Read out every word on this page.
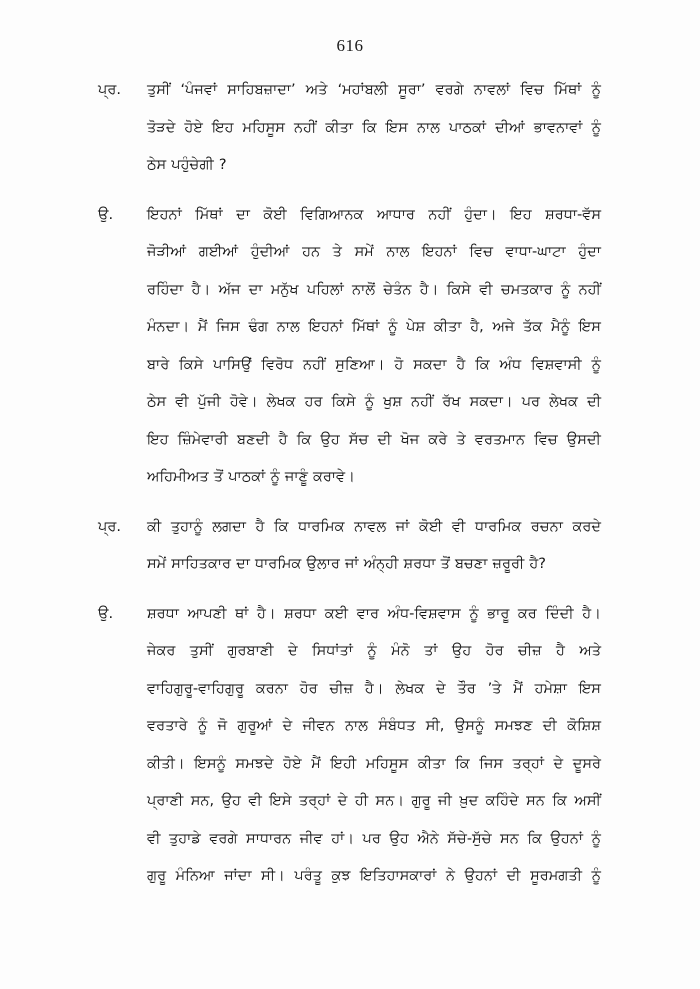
616
ਪ੍ਰ.	ਤੁਸੀਂ ‘ਪੰਜਵਾਂ ਸਾਹਿਬਜ਼ਾਦਾ’ ਅਤੇ ‘ਮਹਾਂਬਲੀ ਸੂਰਾ’ ਵਰਗੇ ਨਾਵਲਾਂ ਵਿਚ ਮਿੱਥਾਂ ਨੂੰ
ਤੋੜਦੇ ਹੋਏ ਇਹ ਮਹਿਸੂਸ ਨਹੀਂ ਕੀਤਾ ਕਿ ਇਸ ਨਾਲ ਪਾਠਕਾਂ ਦੀਆਂ ਭਾਵਨਾਵਾਂ ਨੂੰ
ਠੇਸ ਪਹੁੰਚੇਗੀ ?
ਉ.	ਇਹਨਾਂ ਮਿੱਥਾਂ ਦਾ ਕੋਈ ਵਿਗਿਆਨਕ ਆਧਾਰ ਨਹੀਂ ਹੁੰਦਾ। ਇਹ ਸ਼ਰਧਾ-ਵੱਸ
ਜੋੜੀਆਂ ਗਈਆਂ ਹੁੰਦੀਆਂ ਹਨ ਤੇ ਸਮੇਂ ਨਾਲ ਇਹਨਾਂ ਵਿਚ ਵਾਧਾ-ਘਾਟਾ ਹੁੰਦਾ
ਰਹਿੰਦਾ ਹੈ। ਅੱਜ ਦਾ ਮਨੁੱਖ ਪਹਿਲਾਂ ਨਾਲੋਂ ਚੇਤੰਨ ਹੈ। ਕਿਸੇ ਵੀ ਚਮਤਕਾਰ ਨੂੰ ਨਹੀਂ
ਮੰਨਦਾ। ਮੈਂ ਜਿਸ ਢੰਗ ਨਾਲ ਇਹਨਾਂ ਮਿੱਥਾਂ ਨੂੰ ਪੇਸ਼ ਕੀਤਾ ਹੈ, ਅਜੇ ਤੱਕ ਮੈਨੂੰ ਇਸ
ਬਾਰੇ ਕਿਸੇ ਪਾਸਿਉਂ ਵਿਰੋਧ ਨਹੀਂ ਸੁਣਿਆ। ਹੋ ਸਕਦਾ ਹੈ ਕਿ ਅੰਧ ਵਿਸ਼ਵਾਸੀ ਨੂੰ
ਠੇਸ ਵੀ ਪੁੱਜੀ ਹੋਵੇ। ਲੇਖਕ ਹਰ ਕਿਸੇ ਨੂੰ ਖੁਸ਼ ਨਹੀਂ ਰੱਖ ਸਕਦਾ। ਪਰ ਲੇਖਕ ਦੀ
ਇਹ ਜ਼ਿੰਮੇਵਾਰੀ ਬਣਦੀ ਹੈ ਕਿ ਉਹ ਸੱਚ ਦੀ ਖੋਜ ਕਰੇ ਤੇ ਵਰਤਮਾਨ ਵਿਚ ਉਸਦੀ
ਅਹਿਮੀਅਤ ਤੋਂ ਪਾਠਕਾਂ ਨੂੰ ਜਾਣੂੰ ਕਰਾਵੇ।
ਪ੍ਰ.	ਕੀ ਤੁਹਾਨੂੰ ਲਗਦਾ ਹੈ ਕਿ ਧਾਰਮਿਕ ਨਾਵਲ ਜਾਂ ਕੋਈ ਵੀ ਧਾਰਮਿਕ ਰਚਨਾ ਕਰਦੇ
ਸਮੇਂ ਸਾਹਿਤਕਾਰ ਦਾ ਧਾਰਮਿਕ ਉਲਾਰ ਜਾਂ ਅੰਨ੍ਹੀ ਸ਼ਰਧਾ ਤੋਂ ਬਚਣਾ ਜ਼ਰੂਰੀ ਹੈ?
ਉ.	ਸ਼ਰਧਾ ਆਪਣੀ ਥਾਂ ਹੈ। ਸ਼ਰਧਾ ਕਈ ਵਾਰ ਅੰਧ-ਵਿਸ਼ਵਾਸ ਨੂੰ ਭਾਰੂ ਕਰ ਦਿੰਦੀ ਹੈ।
ਜੇਕਰ ਤੁਸੀਂ ਗੁਰਬਾਣੀ ਦੇ ਸਿਧਾਂਤਾਂ ਨੂੰ ਮੰਨੋ ਤਾਂ ਉਹ ਹੋਰ ਚੀਜ਼ ਹੈ ਅਤੇ
ਵਾਹਿਗੁਰੂ-ਵਾਹਿਗੁਰੂ ਕਰਨਾ ਹੋਰ ਚੀਜ਼ ਹੈ। ਲੇਖਕ ਦੇ ਤੌਰ ’ਤੇ ਮੈਂ ਹਮੇਸ਼ਾ ਇਸ
ਵਰਤਾਰੇ ਨੂੰ ਜੋ ਗੁਰੂਆਂ ਦੇ ਜੀਵਨ ਨਾਲ ਸੰਬੰਧਤ ਸੀ, ਉਸਨੂੰ ਸਮਝਣ ਦੀ ਕੋਸ਼ਿਸ਼
ਕੀਤੀ। ਇਸਨੂੰ ਸਮਝਦੇ ਹੋਏ ਮੈਂ ਇਹੀ ਮਹਿਸੂਸ ਕੀਤਾ ਕਿ ਜਿਸ ਤਰ੍ਹਾਂ ਦੇ ਦੂਸਰੇ
ਪ੍ਰਾਣੀ ਸਨ, ਉਹ ਵੀ ਇਸੇ ਤਰ੍ਹਾਂ ਦੇ ਹੀ ਸਨ। ਗੁਰੂ ਜੀ ਖ਼ੁਦ ਕਹਿੰਦੇ ਸਨ ਕਿ ਅਸੀਂ
ਵੀ ਤੁਹਾਡੇ ਵਰਗੇ ਸਾਧਾਰਨ ਜੀਵ ਹਾਂ। ਪਰ ਉਹ ਐਨੇ ਸੱਚੇ-ਸੁੱਚੇ ਸਨ ਕਿ ਉਹਨਾਂ ਨੂੰ
ਗੁਰੂ ਮੰਨਿਆ ਜਾਂਦਾ ਸੀ। ਪਰੰਤੂ ਕੁਝ ਇਤਿਹਾਸਕਾਰਾਂ ਨੇ ਉਹਨਾਂ ਦੀ ਸੂਰਮਗਤੀ ਨੂੰ
